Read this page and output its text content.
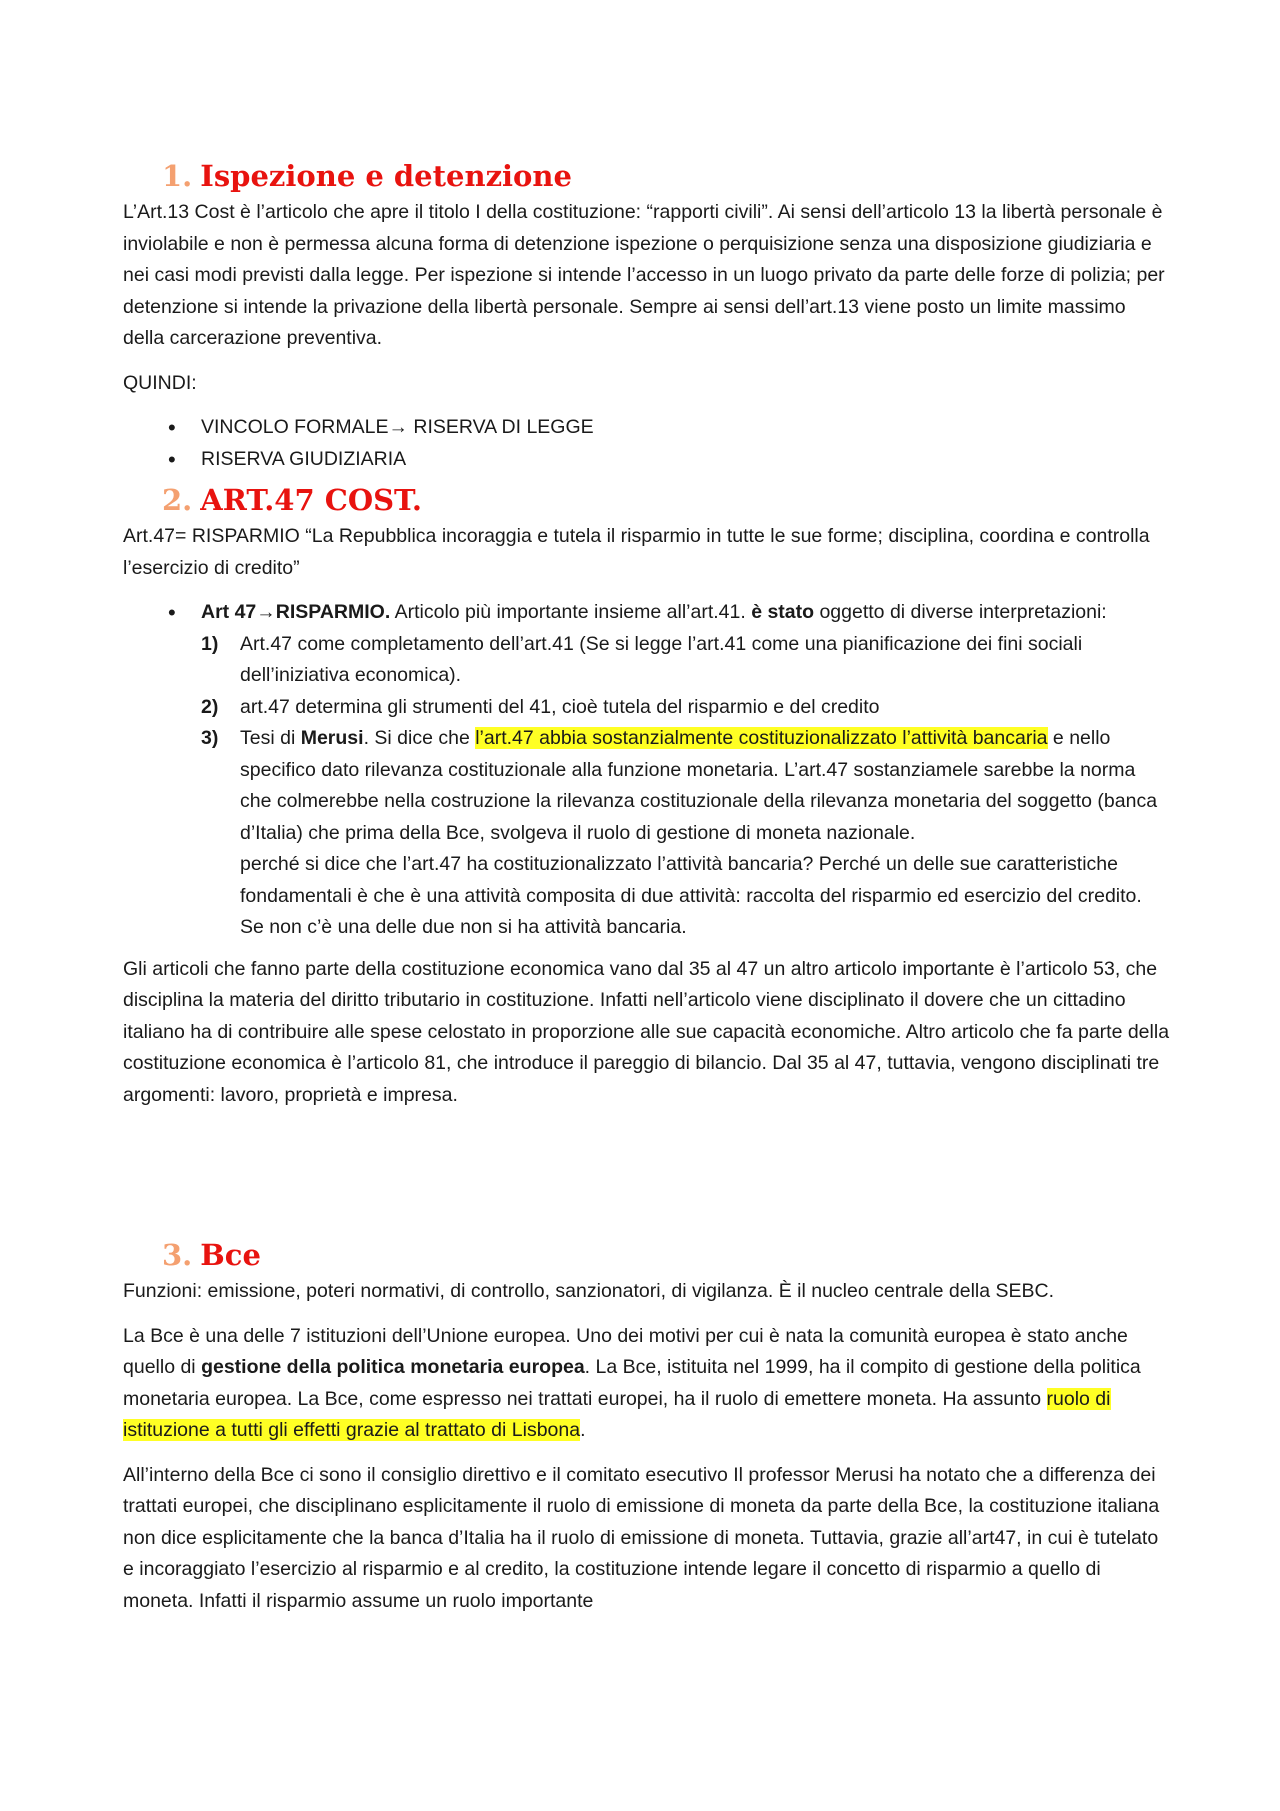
1. Ispezione e detenzione

L’Art.13 Cost è l’articolo che apre il titolo I della costituzione: “rapporti civili”. Ai sensi dell’articolo 13 la libertà personale è inviolabile e non è permessa alcuna forma di detenzione ispezione o perquisizione senza una disposizione giudiziaria e nei casi modi previsti dalla legge. Per ispezione si intende l’accesso in un luogo privato da parte delle forze di polizia; per detenzione si intende la privazione della libertà personale. Sempre ai sensi dell’art.13 viene posto un limite massimo della carcerazione preventiva.

QUINDI:

• VINCOLO FORMALE→ RISERVA DI LEGGE
• RISERVA GIUDIZIARIA
2. ART.47 COST.

Art.47= RISPARMIO “La Repubblica incoraggia e tutela il risparmio in tutte le sue forme; disciplina, coordina e controlla l’esercizio di credito”

• Art 47→RISPARMIO. Articolo più importante insieme all’art.41. è stato oggetto di diverse interpretazioni:
1) Art.47 come completamento dell’art.41 (Se si legge l’art.41 come una pianificazione dei fini sociali dell’iniziativa economica).
2) art.47 determina gli strumenti del 41, cioè tutela del risparmio e del credito
3) Tesi di Merusi. Si dice che l’art.47 abbia sostanzialmente costituzionalizzato l’attività bancaria e nello specifico dato rilevanza costituzionale alla funzione monetaria. L’art.47 sostanziamele sarebbe la norma che colmerebbe nella costruzione la rilevanza costituzionale della rilevanza monetaria del soggetto (banca d’Italia) che prima della Bce, svolgeva il ruolo di gestione di moneta nazionale.
perché si dice che l’art.47 ha costituzionalizzato l’attività bancaria? Perché un delle sue caratteristiche fondamentali è che è una attività composita di due attività: raccolta del risparmio ed esercizio del credito. Se non c’è una delle due non si ha attività bancaria.

Gli articoli che fanno parte della costituzione economica vano dal 35 al 47 un altro articolo importante è l’articolo 53, che disciplina la materia del diritto tributario in costituzione. Infatti nell’articolo viene disciplinato il dovere che un cittadino italiano ha di contribuire alle spese celostato in proporzione alle sue capacità economiche. Altro articolo che fa parte della costituzione economica è l’articolo 81, che introduce il pareggio di bilancio. Dal 35 al 47, tuttavia, vengono disciplinati tre argomenti: lavoro, proprietà e impresa.

3. Bce

Funzioni: emissione, poteri normativi, di controllo, sanzionatori, di vigilanza. È il nucleo centrale della SEBC.

La Bce è una delle 7 istituzioni dell’Unione europea. Uno dei motivi per cui è nata la comunità europea è stato anche quello di gestione della politica monetaria europea. La Bce, istituita nel 1999, ha il compito di gestione della politica monetaria europea. La Bce, come espresso nei trattati europei, ha il ruolo di emettere moneta. Ha assunto ruolo di istituzione a tutti gli effetti grazie al trattato di Lisbona.

All’interno della Bce ci sono il consiglio direttivo e il comitato esecutivo Il professor Merusi ha notato che a differenza dei trattati europei, che disciplinano esplicitamente il ruolo di emissione di moneta da parte della Bce, la costituzione italiana non dice esplicitamente che la banca d’Italia ha il ruolo di emissione di moneta. Tuttavia, grazie all’art47, in cui è tutelato e incoraggiato l’esercizio al risparmio e al credito, la costituzione intende legare il concetto di risparmio a quello di moneta. Infatti il risparmio assume un ruolo importante
